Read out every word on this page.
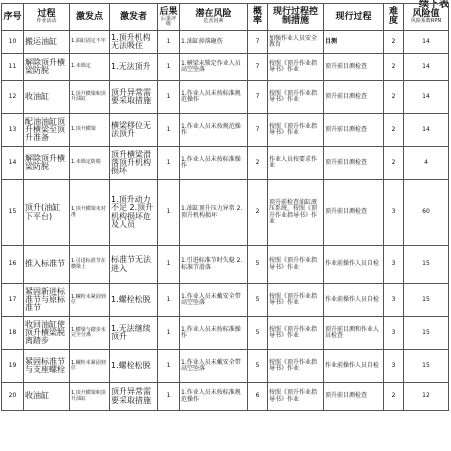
续下表
序号	过程
作业活动	激发点	激发者	后果
后果评级	潜在风险
危害因素	概率	现行过程控制措施	现行过程	难度	风险值
风险系数RPN

10	搬运油缸	1.油缸固定不牢	1.顶升机构无法吸住	1	1.油缸掉落砸伤	7	加强作业人员安全教育	目测	2	14
11	解除顶升横梁防脱	1.未锁定	1.无法顶升	1	1.横梁未锁定作业人员高空坠落	7	按照《顶升作业指导书》作业	顶升前目测检查	2	14
12	收油缸	1.顶升横梁和顶升油缸	顶升异常需要采取措施	1	1.作业人员未按标准规范操作	7	按照《顶升作业指导书》作业	顶升前目测检查	2	14
13	配油油缸顶升横梁至顶升准备	1.顶升横梁	横梁移位无法顶升	1	1.作业人员未按规范操作	7	按照《顶升作业指导书》作业	顶升前目测检查	2	14
14	解除顶升横梁防脱	1.未锁定防脱	顶升横梁滑落顶升机构损坏	1	1.作业人员未按标准操作	2	作业人员按要求作业	顶升前目测检查	2	4
15	顶升(油缸下平台)	1.顶升横梁未对准	1.顶升动力不足 2.顶升机构损坏危及人员	1	1.油缸顶升压力异常 2.顶升机构损坏	2	顶升前检查油缸液压系统，按照《顶升作业指导书》作业	顶升前目测检查	3	60
16	推入标准节	1.引进标准节在横梁上	标准节无法进入	1	1.引进标准节时失稳 2.标准节滑落	5	按照《顶升作业指导书》作业	作业前操作人员自检	3	15
17	紧固新进标准节与原标准节	1.螺栓未紧固到位	1.螺栓松脱	1	1.作业人员未戴安全带高空坠落	5	按照《顶升作业指导书》作业	作业前操作人员自检	3	15
18	收回油缸使顶升横梁脱离踏步	1.横梁与踏步未完全分离	1.无法继续顶升	1	1.作业人员未按标准操作	5	按照《顶升作业指导书》作业	顶升前目测和作业人员检查	3	15
19	紧固标准节与支座螺栓	1.螺栓未紧固到位	1.螺栓松脱	1	1.作业人员未戴安全带高空坠落	5	按照《顶升作业指导书》作业	作业前操作人员自检	3	15
20	收油缸	1.顶升横梁和顶升油缸	顶升异常需要采取措施	1	1.作业人员未按标准规范操作	6	按照《顶升作业指导书》作业	顶升前目测检查	2	12
